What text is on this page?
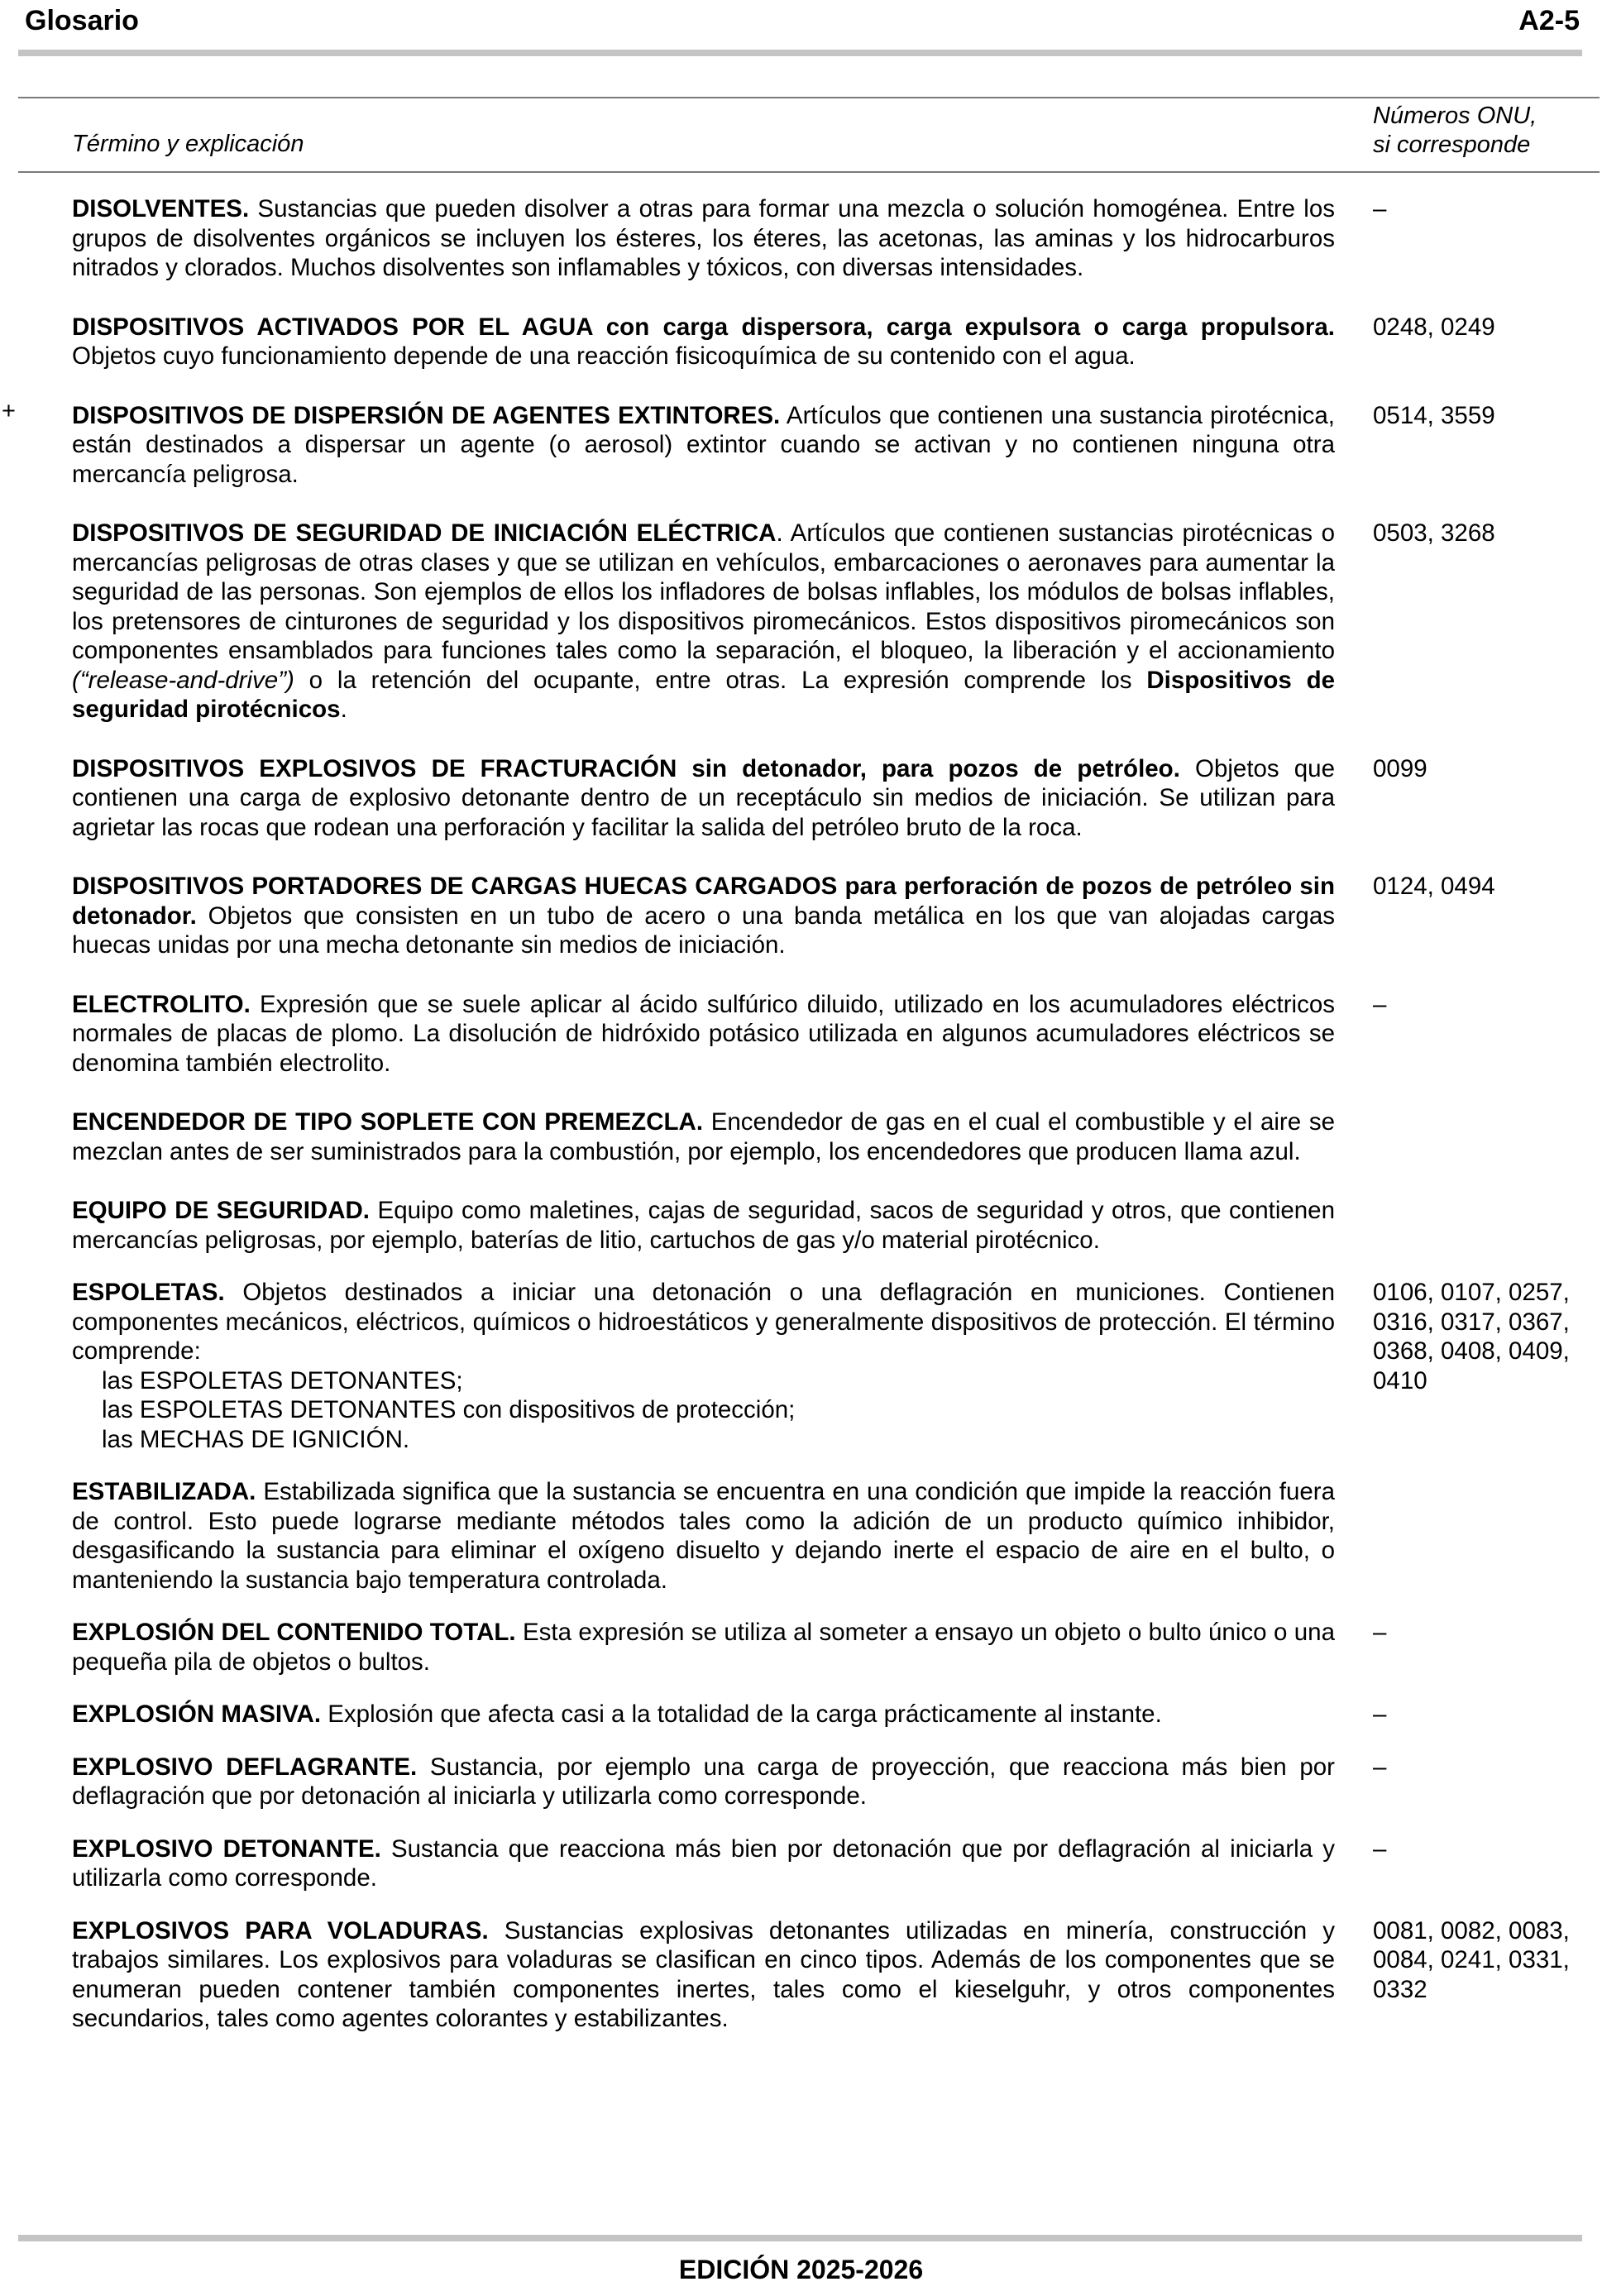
Glosario	A2-5
Término y explicación
Números ONU,
si corresponde
DISOLVENTES. Sustancias que pueden disolver a otras para formar una mezcla o solución homogénea. Entre los grupos de disolventes orgánicos se incluyen los ésteres, los éteres, las acetonas, las aminas y los hidrocarburos nitrados y clorados. Muchos disolventes son inflamables y tóxicos, con diversas intensidades.
–
DISPOSITIVOS ACTIVADOS POR EL AGUA con carga dispersora, carga expulsora o carga propulsora. Objetos cuyo funcionamiento depende de una reacción fisicoquímica de su contenido con el agua.
0248, 0249
+ DISPOSITIVOS DE DISPERSIÓN DE AGENTES EXTINTORES. Artículos que contienen una sustancia pirotécnica, están destinados a dispersar un agente (o aerosol) extintor cuando se activan y no contienen ninguna otra mercancía peligrosa.
0514, 3559
DISPOSITIVOS DE SEGURIDAD DE INICIACIÓN ELÉCTRICA. Artículos que contienen sustancias pirotécnicas o mercancías peligrosas de otras clases y que se utilizan en vehículos, embarcaciones o aeronaves para aumentar la seguridad de las personas. Son ejemplos de ellos los infladores de bolsas inflables, los módulos de bolsas inflables, los pretensores de cinturones de seguridad y los dispositivos piromecánicos. Estos dispositivos piromecánicos son componentes ensamblados para funciones tales como la separación, el bloqueo, la liberación y el accionamiento (“release-and-drive”) o la retención del ocupante, entre otras. La expresión comprende los Dispositivos de seguridad pirotécnicos.
0503, 3268
DISPOSITIVOS EXPLOSIVOS DE FRACTURACIÓN sin detonador, para pozos de petróleo. Objetos que contienen una carga de explosivo detonante dentro de un receptáculo sin medios de iniciación. Se utilizan para agrietar las rocas que rodean una perforación y facilitar la salida del petróleo bruto de la roca.
0099
DISPOSITIVOS PORTADORES DE CARGAS HUECAS CARGADOS para perforación de pozos de petróleo sin detonador. Objetos que consisten en un tubo de acero o una banda metálica en los que van alojadas cargas huecas unidas por una mecha detonante sin medios de iniciación.
0124, 0494
ELECTROLITO. Expresión que se suele aplicar al ácido sulfúrico diluido, utilizado en los acumuladores eléctricos normales de placas de plomo. La disolución de hidróxido potásico utilizada en algunos acumuladores eléctricos se denomina también electrolito.
–
ENCENDEDOR DE TIPO SOPLETE CON PREMEZCLA. Encendedor de gas en el cual el combustible y el aire se mezclan antes de ser suministrados para la combustión, por ejemplo, los encendedores que producen llama azul.
EQUIPO DE SEGURIDAD. Equipo como maletines, cajas de seguridad, sacos de seguridad y otros, que contienen mercancías peligrosas, por ejemplo, baterías de litio, cartuchos de gas y/o material pirotécnico.
ESPOLETAS. Objetos destinados a iniciar una detonación o una deflagración en municiones. Contienen componentes mecánicos, eléctricos, químicos o hidroestáticos y generalmente dispositivos de protección. El término comprende:
las ESPOLETAS DETONANTES;
las ESPOLETAS DETONANTES con dispositivos de protección;
las MECHAS DE IGNICIÓN.
0106, 0107, 0257, 0316, 0317, 0367, 0368, 0408, 0409, 0410
ESTABILIZADA. Estabilizada significa que la sustancia se encuentra en una condición que impide la reacción fuera de control. Esto puede lograrse mediante métodos tales como la adición de un producto químico inhibidor, desgasificando la sustancia para eliminar el oxígeno disuelto y dejando inerte el espacio de aire en el bulto, o manteniendo la sustancia bajo temperatura controlada.
EXPLOSIÓN DEL CONTENIDO TOTAL. Esta expresión se utiliza al someter a ensayo un objeto o bulto único o una pequeña pila de objetos o bultos.
–
EXPLOSIÓN MASIVA. Explosión que afecta casi a la totalidad de la carga prácticamente al instante.	–
EXPLOSIVO DEFLAGRANTE. Sustancia, por ejemplo una carga de proyección, que reacciona más bien por deflagración que por detonación al iniciarla y utilizarla como corresponde.
–
EXPLOSIVO DETONANTE. Sustancia que reacciona más bien por detonación que por deflagración al iniciarla y utilizarla como corresponde.
–
EXPLOSIVOS PARA VOLADURAS. Sustancias explosivas detonantes utilizadas en minería, construcción y trabajos similares. Los explosivos para voladuras se clasifican en cinco tipos. Además de los componentes que se enumeran pueden contener también componentes inertes, tales como el kieselguhr, y otros componentes secundarios, tales como agentes colorantes y estabilizantes.
0081, 0082, 0083, 0084, 0241, 0331, 0332
EDICIÓN 2025-2026
